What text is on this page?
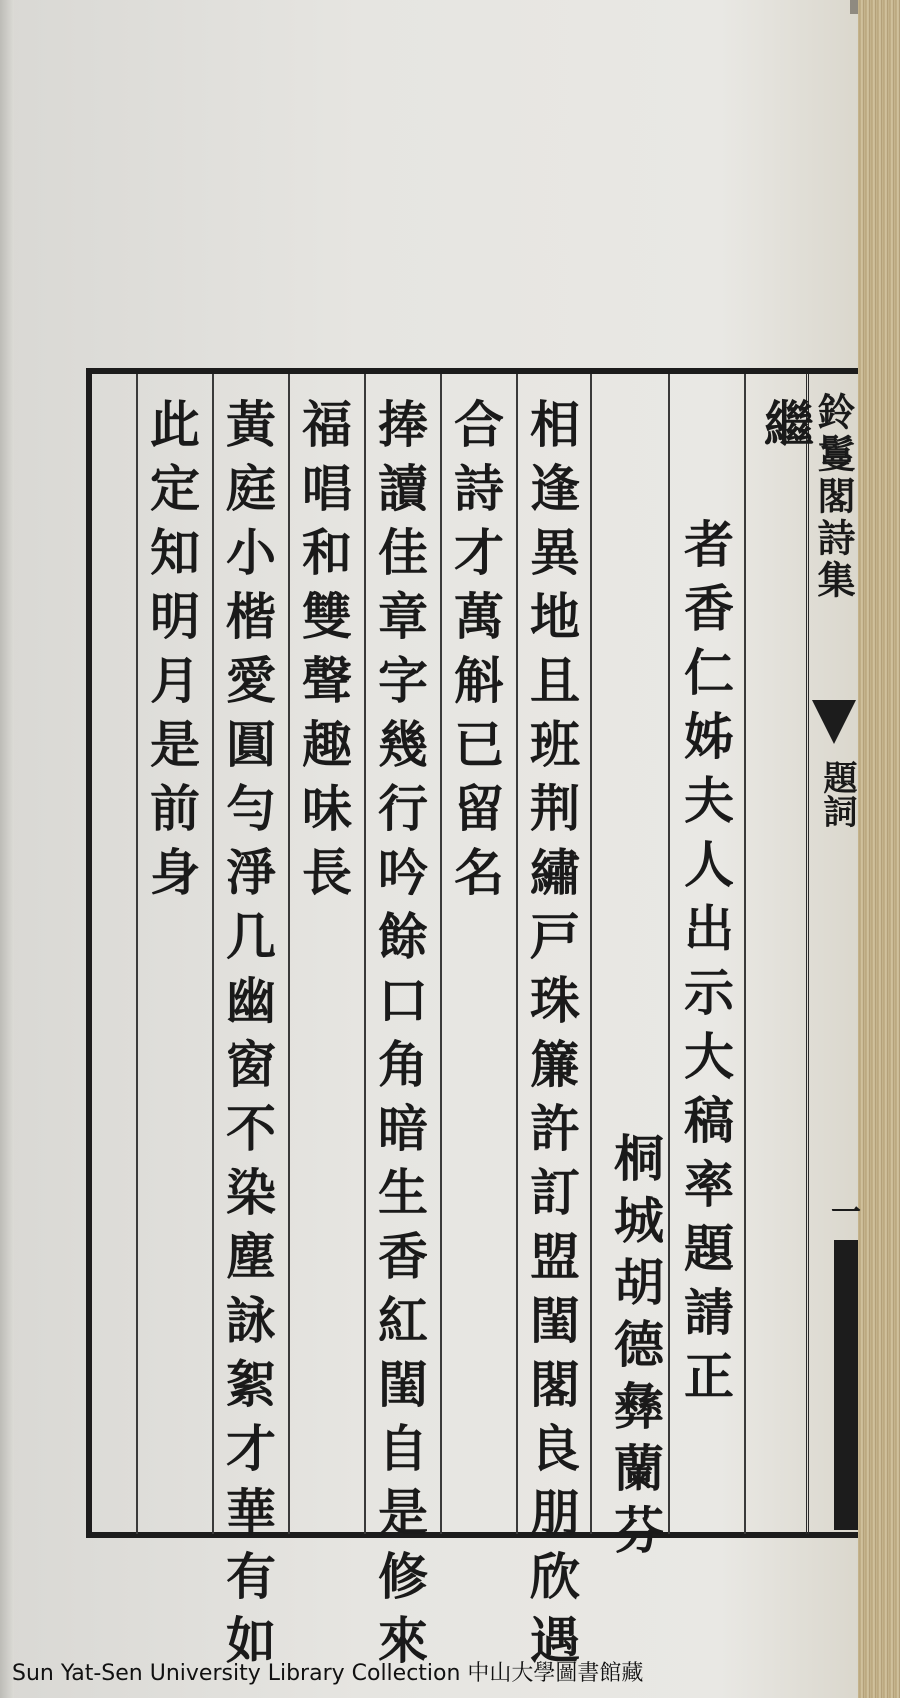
鈴鬘閣詩集
題詞
一
繼
者香仁姊夫人出示大稿率題請正
桐城胡德彝蘭芬
相逢異地且班荆繡戸珠簾許訂盟閨閣良朋欣遇
合詩才萬斛已留名
捧讀佳章字幾行吟餘口角暗生香紅閨自是修來
福唱和雙聲趣味長
黃庭小楷愛圓勻淨几幽窗不染塵詠絮才華有如
此定知明月是前身
Sun Yat-Sen University Library Collection 中山大學圖書館藏
